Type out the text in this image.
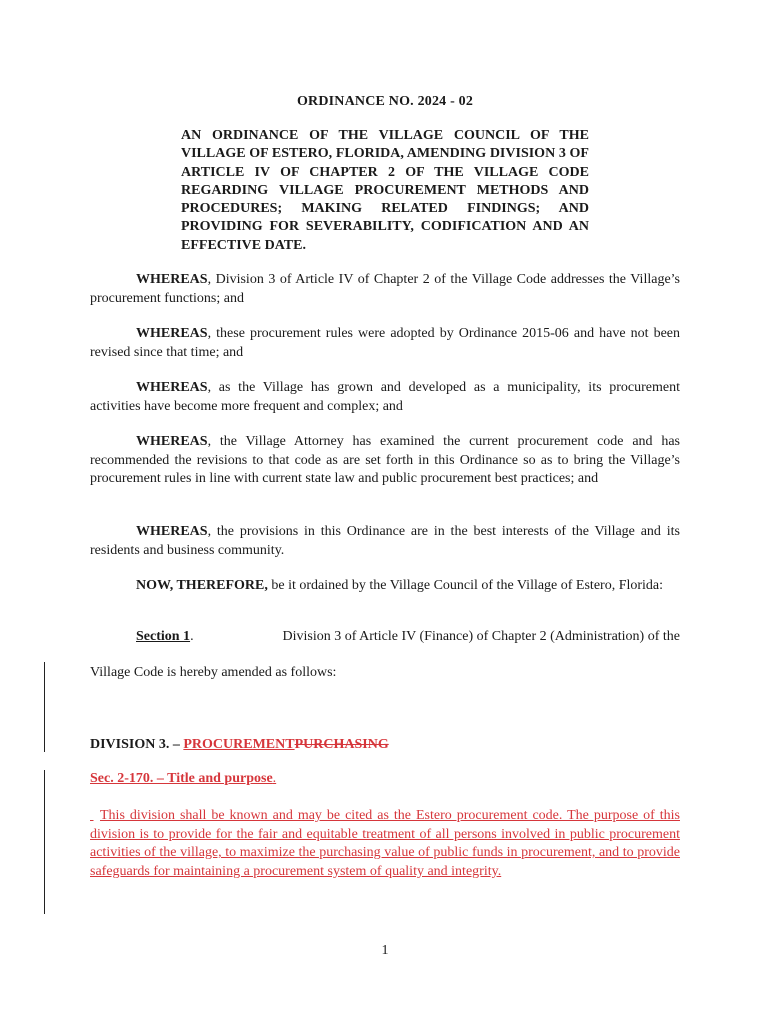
ORDINANCE NO. 2024 - 02
AN ORDINANCE OF THE VILLAGE COUNCIL OF THE VILLAGE OF ESTERO, FLORIDA, AMENDING DIVISION 3 OF ARTICLE IV OF CHAPTER 2 OF THE VILLAGE CODE REGARDING VILLAGE PROCUREMENT METHODS AND PROCEDURES; MAKING RELATED FINDINGS; AND PROVIDING FOR SEVERABILITY, CODIFICATION AND AN EFFECTIVE DATE.
WHEREAS, Division 3 of Article IV of Chapter 2 of the Village Code addresses the Village’s procurement functions; and
WHEREAS, these procurement rules were adopted by Ordinance 2015-06 and have not been revised since that time; and
WHEREAS, as the Village has grown and developed as a municipality, its procurement activities have become more frequent and complex; and
WHEREAS, the Village Attorney has examined the current procurement code and has recommended the revisions to that code as are set forth in this Ordinance so as to bring the Village’s procurement rules in line with current state law and public procurement best practices; and
WHEREAS, the provisions in this Ordinance are in the best interests of the Village and its residents and business community.
NOW, THEREFORE, be it ordained by the Village Council of the Village of Estero, Florida:
Section 1.	Division 3 of Article IV (Finance) of Chapter 2 (Administration) of the
Village Code is hereby amended as follows:
DIVISION 3. – PROCUREMENTPURCHASING
Sec. 2-170. – Title and purpose.
This division shall be known and may be cited as the Estero procurement code. The purpose of this division is to provide for the fair and equitable treatment of all persons involved in public procurement activities of the village, to maximize the purchasing value of public funds in procurement, and to provide safeguards for maintaining a procurement system of quality and integrity.
1
